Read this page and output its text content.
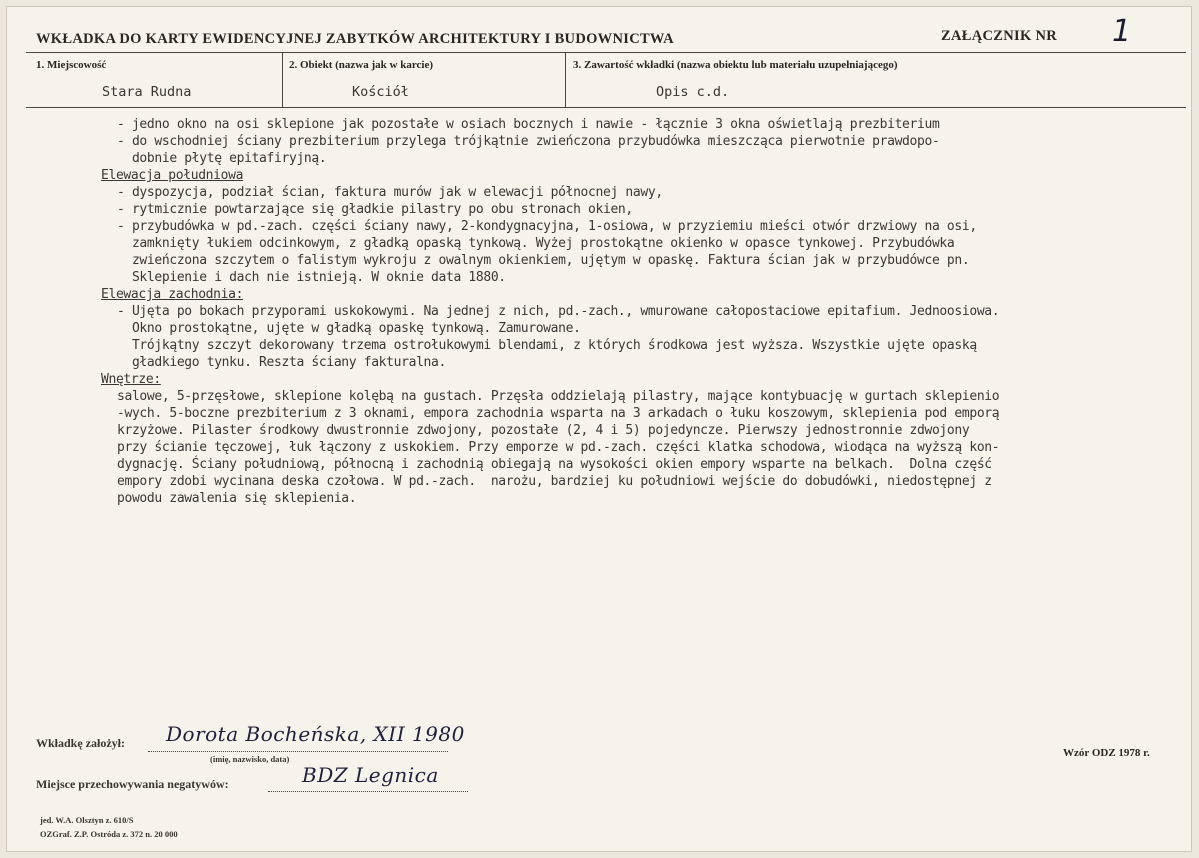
WKŁADKA DO KARTY EWIDENCYJNEJ ZABYTKÓW ARCHITEKTURY I BUDOWNICTWA	ZAŁĄCZNIK NR 1
1. Miejscowość
Stara Rudna
2. Obiekt (nazwa jak w karcie)
Kościół
3. Zawartość wkładki (nazwa obiektu lub materiału uzupełniającego)
Opis c.d.
- jedno okno na osi sklepione jak pozostałe w osiach bocznych i nawie - łącznie 3 okna oświetlają prezbiterium
- do wschodniej ściany prezbiterium przylega trójkątnie zwieńczona przybudówka mieszcząca pierwotnie prawdopo-
dobnie płytę epitafiryjną.
Elewacja południowa
- dyspozycja, podział ścian, faktura murów jak w elewacji północnej nawy,
- rytmicznie powtarzające się gładkie pilastry po obu stronach okien,
- przybudówka w pd.-zach. części ściany nawy, 2-kondygnacyjna, 1-osiowa, w przyziemiu mieści otwór drzwiowy na osi,
zamknięty łukiem odcinkowym, z gładką opaską tynkową. Wyżej prostokątne okienko w opasce tynkowej. Przybudówka
zwieńczona szczytem o falistym wykroju z owalnym okienkiem, ujętym w opaskę. Faktura ścian jak w przybudówce pn.
Sklepienie i dach nie istnieją. W oknie data 1880.
Elewacja zachodnia:
- Ujęta po bokach przyporami uskokowymi. Na jednej z nich, pd.-zach., wmurowane całopostaciowe epitafium. Jednoosiowa.
Okno prostokątne, ujęte w gładką opaskę tynkową. Zamurowane.
Trójkątny szczyt dekorowany trzema ostrołukowymi blendami, z których środkowa jest wyższa. Wszystkie ujęte opaską
gładkiego tynku. Reszta ściany fakturalna.
Wnętrze:
salowe, 5-przęsłowe, sklepione kolębą na gustach. Przęsła oddzielają pilastry, mające kontybuację w gurtach sklepienio
-wych. 5-boczne prezbiterium z 3 oknami, empora zachodnia wsparta na 3 arkadach o łuku koszowym, sklepienia pod emporą
krzyżowe. Pilaster środkowy dwustronnie zdwojony, pozostałe (2, 4 i 5) pojedyncze. Pierwszy jednostronnie zdwojony
przy ścianie tęczowej, łuk łączony z uskokiem. Przy emporze w pd.-zach. części klatka schodowa, wiodąca na wyższą kon-
dygnację. Ściany południową, północną i zachodnią obiegają na wysokości okien empory wsparte na belkach.  Dolna część
empory zdobi wycinana deska czołowa. W pd.-zach.  narożu, bardziej ku południowi wejście do dobudówki, niedostępnej z
powodu zawalenia się sklepienia.
Wkładkę założył: Dorota Bocheńska, XII 1980
(imię, nazwisko, data)
Miejsce przechowywania negatywów:	BDZ Legnica
Wzór ODZ 1978 r.
jed. W.A. Olsztyn z. 610/S
OZGraf. Z.P. Ostróda z. 372 n. 20 000
